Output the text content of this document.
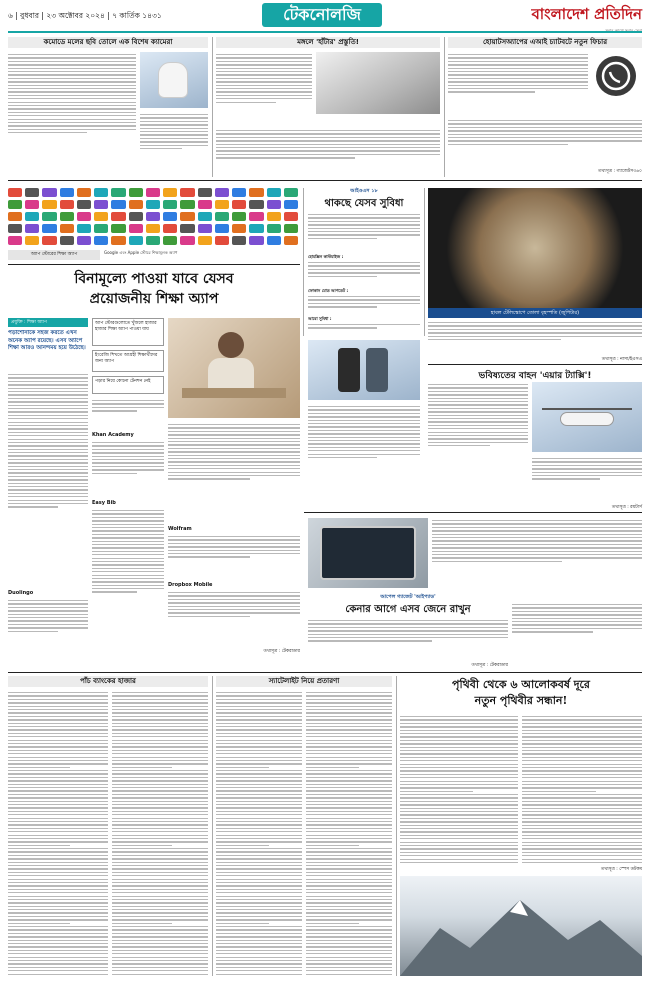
৬ | বুধবার | ২৩ অক্টোবর ২০২৪ | ৭ কার্তিক ১৪৩১	টেকনোলজি	বাংলাদেশ প্রতিদিন
কমোডে মলের ছবি তোলে এক বিশেষ ক্যামেরা	মঙ্গলে 'হাঁটার' প্রস্তুতি!	হোয়াটসঅ্যাপের এআই চ্যাটবটে নতুন ফিচার
তথ্যসূত্র : গ্যাজেটস৩৬০
অ্যাপ স্টোরের শিক্ষা অ্যাপ	Google এবং Apple স্টোরে শিক্ষামূলক অ্যাপ
আইওএস ১৮
থাকছে যেসব সুবিধা
হোমস্ক্রিন কাস্টমাইজ :
ফোকাস মোড আপডেট :
আরো সুবিধা :
হাবল টেলিস্কোপে তোলা বৃহস্পতি (জুপিটার)
তথ্যসূত্র : নাসা/ইএসএ
বিনামূল্যে পাওয়া যাবে যেসব
প্রয়োজনীয় শিক্ষা অ্যাপ
প্রযুক্তি : শিক্ষা অ্যাপ
পড়াশোনাকে সহজ করতে এখন অনেক অ্যাপ রয়েছে। এসব অ্যাপে শিক্ষা আরও আনন্দময় হয়ে উঠেছে।
আপ স্টোরগুলোতে খুঁজলে হাজার হাজার শিক্ষা অ্যাপ পাওয়া যায়
ইংরেজি শিখতে আগ্রহী শিক্ষার্থীদের জন্য অ্যাপ
পড়ার নিয়ে কোনো টেনশন নেই
Khan Academy
Duolingo
Easy Bib
Wolfram
Dropbox Mobile
তথ্যসূত্র : টেকরাডার
ভবিষ্যতের বাহন 'এয়ার ট্যাক্সি'!
তথ্যসূত্র : রয়টার্স
আপেল গ্যাজেট 'আইপ্যাড'
কেনার আগে এসব জেনে রাখুন
তথ্যসূত্র : টেকরাডার
পাঁচ ব্যাংকের হাজার	স্যাটেলাইট নিয়ে প্রতারণা	পৃথিবী থেকে ৬ আলোকবর্ষ দূরে
নতুন পৃথিবীর সন্ধান!
তথ্যসূত্র : স্পেস ডটকম
